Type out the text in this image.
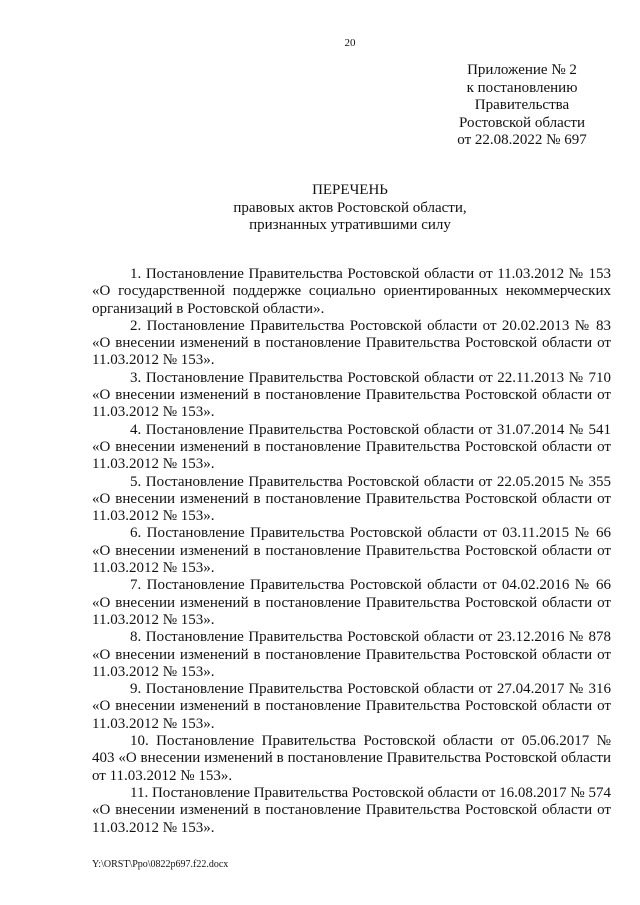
20
Приложение № 2
к постановлению
Правительства
Ростовской области
от 22.08.2022 № 697
ПЕРЕЧЕНЬ
правовых актов Ростовской области,
признанных утратившими силу

1. Постановление Правительства Ростовской области от 11.03.2012 № 153 «О государственной поддержке социально ориентированных некоммерческих организаций в Ростовской области».

2. Постановление Правительства Ростовской области от 20.02.2013 № 83 «О внесении изменений в постановление Правительства Ростовской области от 11.03.2012 № 153».

3. Постановление Правительства Ростовской области от 22.11.2013 № 710 «О внесении изменений в постановление Правительства Ростовской области от 11.03.2012 № 153».

4. Постановление Правительства Ростовской области от 31.07.2014 № 541 «О внесении изменений в постановление Правительства Ростовской области от 11.03.2012 № 153».

5. Постановление Правительства Ростовской области от 22.05.2015 № 355 «О внесении изменений в постановление Правительства Ростовской области от 11.03.2012 № 153».

6. Постановление Правительства Ростовской области от 03.11.2015 № 66 «О внесении изменений в постановление Правительства Ростовской области от 11.03.2012 № 153».

7. Постановление Правительства Ростовской области от 04.02.2016 № 66 «О внесении изменений в постановление Правительства Ростовской области от 11.03.2012 № 153».

8. Постановление Правительства Ростовской области от 23.12.2016 № 878 «О внесении изменений в постановление Правительства Ростовской области от 11.03.2012 № 153».

9. Постановление Правительства Ростовской области от 27.04.2017 № 316 «О внесении изменений в постановление Правительства Ростовской области от 11.03.2012 № 153».

10. Постановление Правительства Ростовской области от 05.06.2017 № 403 «О внесении изменений в постановление Правительства Ростовской области от 11.03.2012 № 153».

11. Постановление Правительства Ростовской области от 16.08.2017 № 574 «О внесении изменений в постановление Правительства Ростовской области от 11.03.2012 № 153».

Y:\ORST\Ppo\0822p697.f22.docx
